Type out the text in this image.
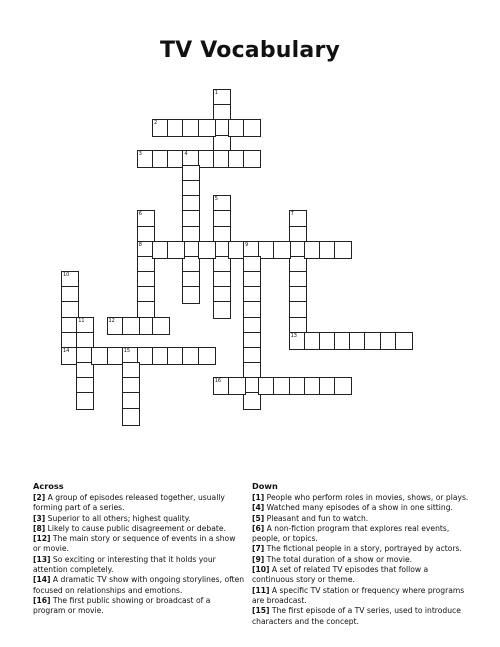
TV Vocabulary
1
2
3	4
5
6
8
7
9
10
14
11	12
13
15
16
Across
[2] A group of episodes released together, usually forming part of a series.
[3] Superior to all others; highest quality.
[8] Likely to cause public disagreement or debate.
[12] The main story or sequence of events in a show or movie.
[13] So exciting or interesting that it holds your attention completely.
[14] A dramatic TV show with ongoing storylines, often focused on relationships and emotions.
[16] The first public showing or broadcast of a program or movie.
Down
[1] People who perform roles in movies, shows, or plays.
[4] Watched many episodes of a show in one sitting.
[5] Pleasant and fun to watch.
[6] A non-fiction program that explores real events, people, or topics.
[7] The fictional people in a story, portrayed by actors.
[9] The total duration of a show or movie.
[10] A set of related TV episodes that follow a continuous story or theme.
[11] A specific TV station or frequency where programs are broadcast.
[15] The first episode of a TV series, used to introduce characters and the concept.
